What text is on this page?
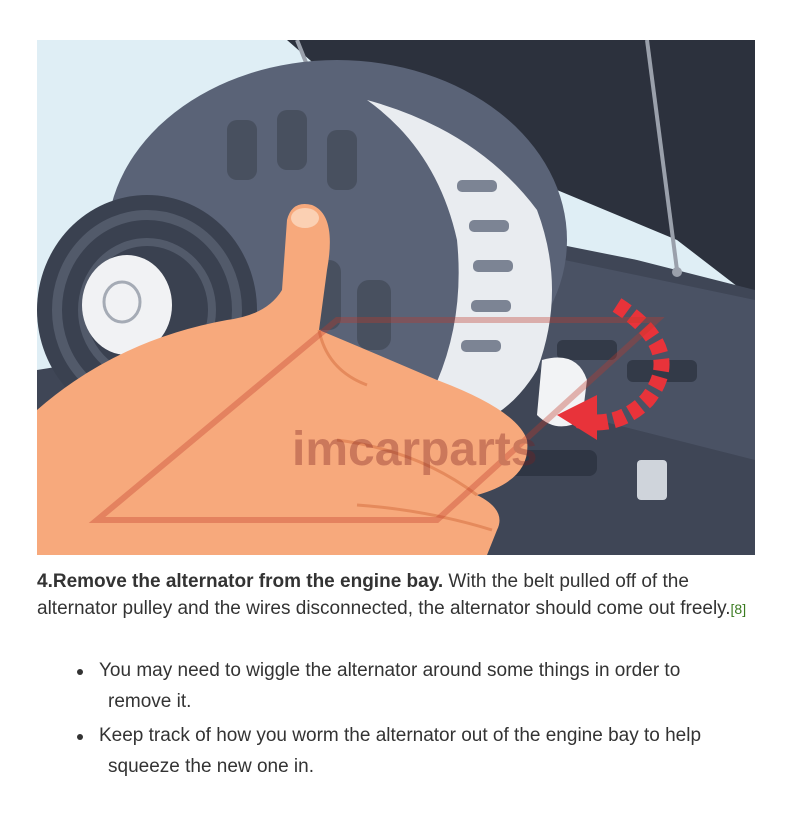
imcarparts
4.Remove the alternator from the engine bay. With the belt pulled off of the alternator pulley and the wires disconnected, the alternator should come out freely.[8]
You may need to wiggle the alternator around some things in order to
remove it.
Keep track of how you worm the alternator out of the engine bay to help
squeeze the new one in.
